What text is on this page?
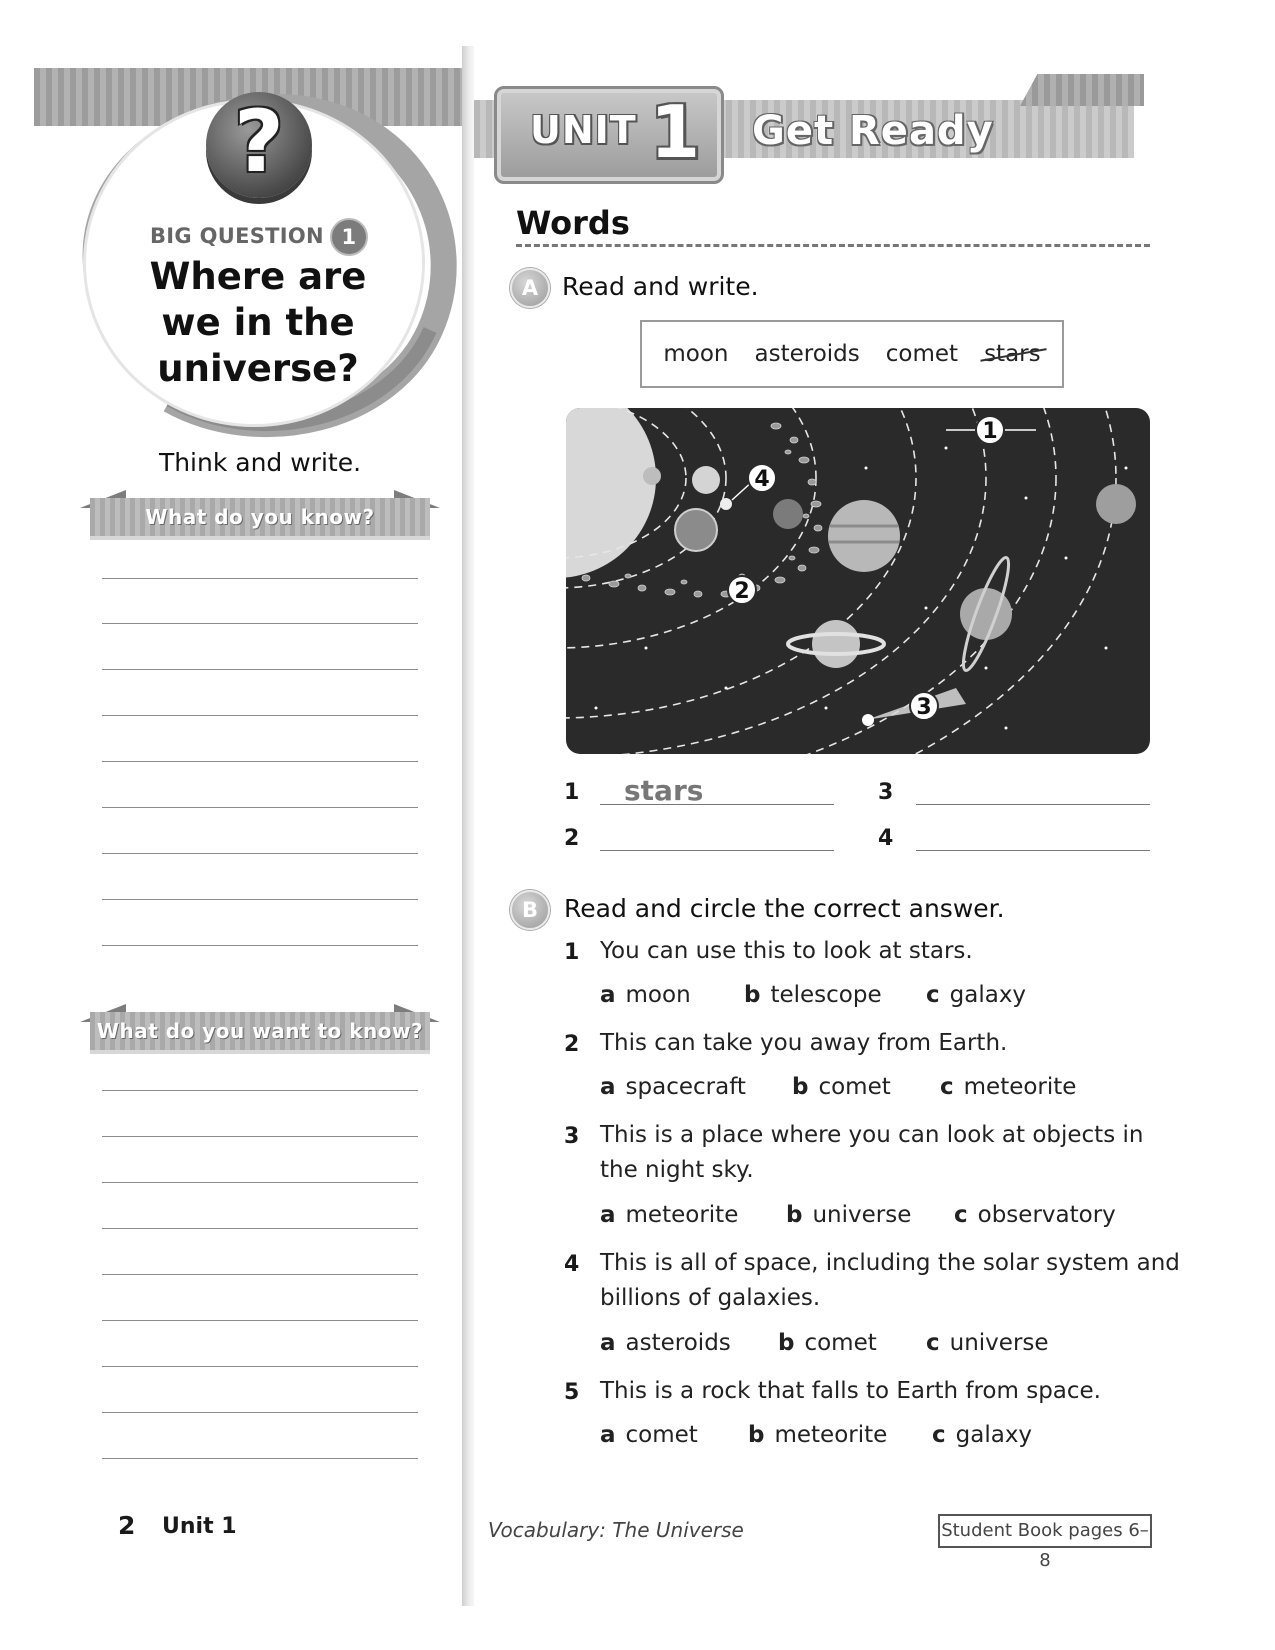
?
BIG QUESTION 1
Where are
we in the
universe?
Think and write.
What do you know?
What do you want to know?
2 Unit 1
UNIT 1 Get Ready
Words
A Read and write.
moon asteroids comet stars
1
2
3
4
1 stars	3
2	4
B	Read and circle the correct answer.
1 You can use this to look at stars.
a moon b telescope c galaxy
2 This can take you away from Earth.
a spacecraft b comet c meteorite
3 This is a place where you can look at objects in
the night sky.
a meteorite b universe c observatory
4 This is all of space, including the solar system and
billions of galaxies.
a asteroids b comet c universe
5 This is a rock that falls to Earth from space.
a comet b meteorite c galaxy
Vocabulary: The Universe	Student Book pages 6–8
